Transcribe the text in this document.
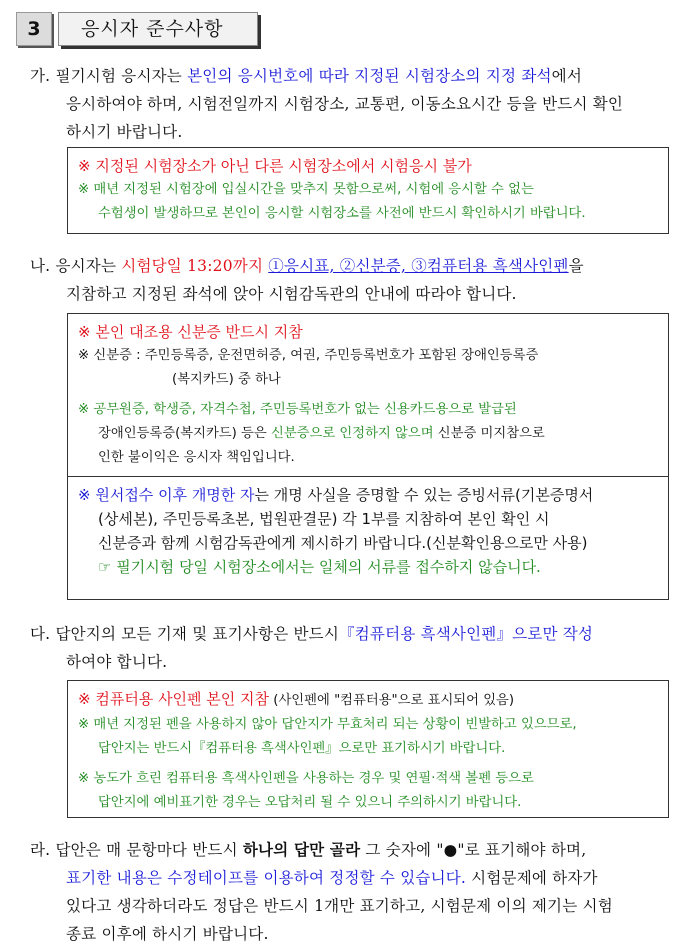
3	응시자 준수사항
가. 필기시험 응시자는 본인의 응시번호에 따라 지정된 시험장소의 지정 좌석에서
응시하여야 하며, 시험전일까지 시험장소, 교통편, 이동소요시간 등을 반드시 확인
하시기 바랍니다.
※ 지정된 시험장소가 아닌 다른 시험장소에서 시험응시 불가
※ 매년 지정된 시험장에 입실시간을 맞추지 못함으로써, 시험에 응시할 수 없는
수험생이 발생하므로 본인이 응시할 시험장소를 사전에 반드시 확인하시기 바랍니다.
나. 응시자는 시험당일 13:20까지 ①응시표, ②신분증, ③컴퓨터용 흑색사인펜을
지참하고 지정된 좌석에 앉아 시험감독관의 안내에 따라야 합니다.
※ 본인 대조용 신분증 반드시 지참
※ 신분증 : 주민등록증, 운전면허증, 여권, 주민등록번호가 포함된 장애인등록증
(복지카드) 중 하나
※ 공무원증, 학생증, 자격수첩, 주민등록번호가 없는 신용카드용으로 발급된
장애인등록증(복지카드) 등은 신분증으로 인정하지 않으며 신분증 미지참으로
인한 불이익은 응시자 책임입니다.
※ 원서접수 이후 개명한 자는 개명 사실을 증명할 수 있는 증빙서류(기본증명서
(상세본), 주민등록초본, 법원판결문) 각 1부를 지참하여 본인 확인 시
신분증과 함께 시험감독관에게 제시하기 바랍니다.(신분확인용으로만 사용)
☞ 필기시험 당일 시험장소에서는 일체의 서류를 접수하지 않습니다.
다. 답안지의 모든 기재 및 표기사항은 반드시『컴퓨터용 흑색사인펜』으로만 작성
하여야 합니다.
※ 컴퓨터용 사인펜 본인 지참 (사인펜에 "컴퓨터용"으로 표시되어 있음)
※ 매년 지정된 펜을 사용하지 않아 답안지가 무효처리 되는 상황이 빈발하고 있으므로,
답안지는 반드시『컴퓨터용 흑색사인펜』으로만 표기하시기 바랍니다.
※ 농도가 흐린 컴퓨터용 흑색사인펜을 사용하는 경우 및 연필·적색 볼펜 등으로
답안지에 예비표기한 경우는 오답처리 될 수 있으니 주의하시기 바랍니다.
라. 답안은 매 문항마다 반드시 하나의 답만 골라 그 숫자에 "●"로 표기해야 하며,
표기한 내용은 수정테이프를 이용하여 정정할 수 있습니다. 시험문제에 하자가
있다고 생각하더라도 정답은 반드시 1개만 표기하고, 시험문제 이의 제기는 시험
종료 이후에 하시기 바랍니다.
